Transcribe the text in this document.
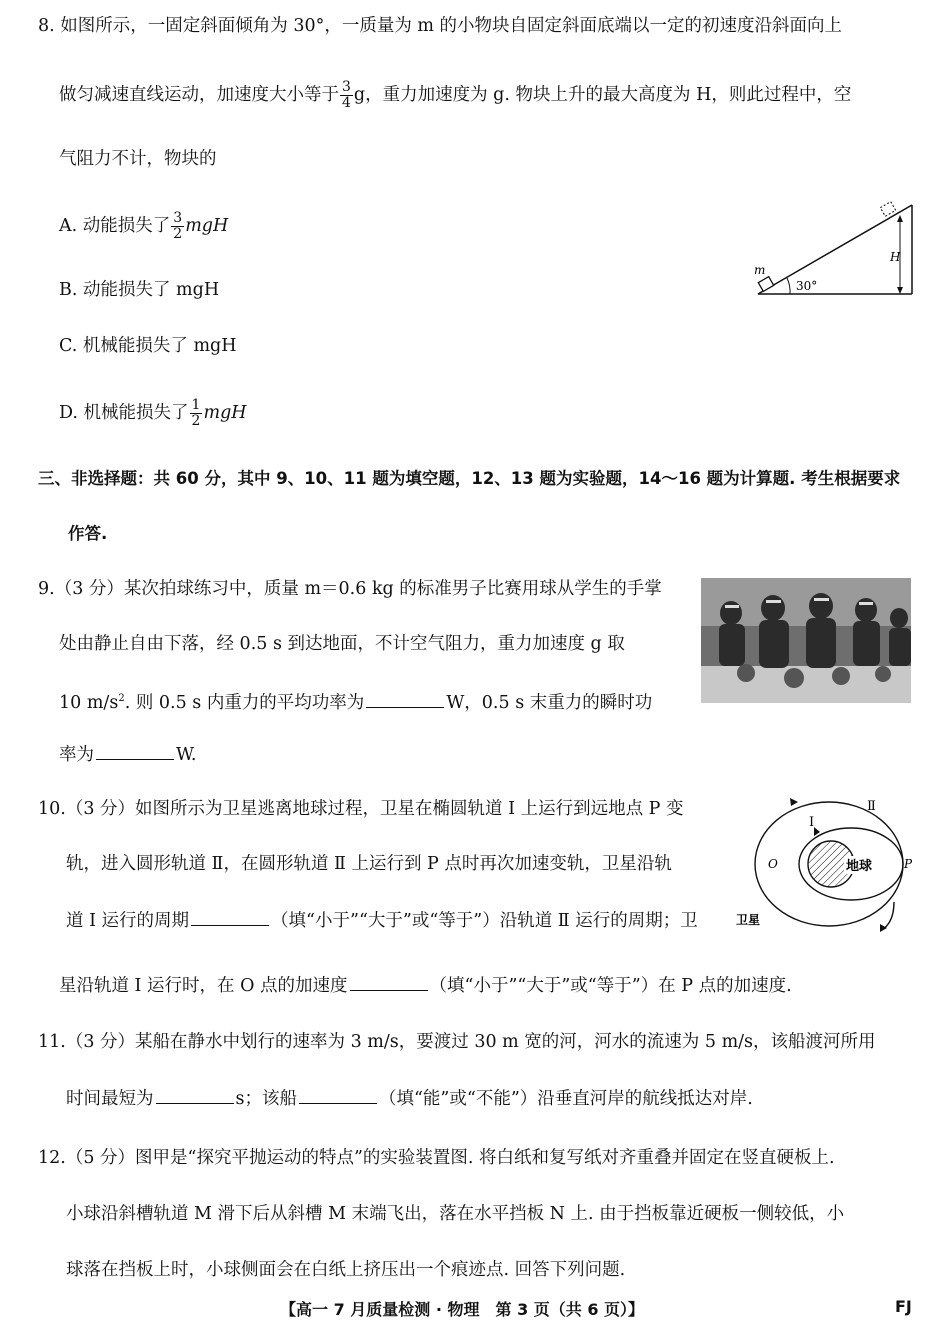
8. 如图所示，一固定斜面倾角为 30°，一质量为 m 的小物块自固定斜面底端以一定的初速度沿斜面向上
做匀减速直线运动，加速度大小等于 $\frac{3}{4}$ g，重力加速度为 g. 物块上升的最大高度为 H，则此过程中，空
气阻力不计，物块的
A. 动能损失了 $\frac{3}{2}$ mgH
B. 动能损失了 mgH
C. 机械能损失了 mgH
D. 机械能损失了 $\frac{1}{2}$ mgH
m
30°
H
三、非选择题：共 60 分，其中 9、10、11 题为填空题，12、13 题为实验题，14～16 题为计算题. 考生根据要求
作答.
9.（3 分）某次拍球练习中，质量 m＝0.6 kg 的标准男子比赛用球从学生的手掌
处由静止自由下落，经 0.5 s 到达地面，不计空气阻力，重力加速度 g 取
10 $m/s^2$. 则 0.5 s 内重力的平均功率为	W，0.5 s 末重力的瞬时功
率为	W.
10.（3 分）如图所示为卫星逃离地球过程，卫星在椭圆轨道 Ⅰ 上运行到远地点 P 变
轨，进入圆形轨道 Ⅱ，在圆形轨道 Ⅱ 上运行到 P 点时再次加速变轨，卫星沿轨
道 Ⅰ 运行的周期	（填“小于”“大于”或“等于”）沿轨道 Ⅱ 运行的周期；卫
星沿轨道 Ⅰ 运行时，在 O 点的加速度	（填“小于”“大于”或“等于”）在 P 点的加速度.
地球
Ⅰ
Ⅱ
O	P
卫星
11.（3 分）某船在静水中划行的速率为 3 m/s，要渡过 30 m 宽的河，河水的流速为 5 m/s，该船渡河所用
时间最短为	s；该船	（填“能”或“不能”）沿垂直河岸的航线抵达对岸.
12.（5 分）图甲是“探究平抛运动的特点”的实验装置图. 将白纸和复写纸对齐重叠并固定在竖直硬板上.
小球沿斜槽轨道 M 滑下后从斜槽 M 末端飞出，落在水平挡板 N 上. 由于挡板靠近硬板一侧较低，小
球落在挡板上时，小球侧面会在白纸上挤压出一个痕迹点. 回答下列问题.
【高一 7 月质量检测 · 物理　第 3 页（共 6 页）】	FJ
